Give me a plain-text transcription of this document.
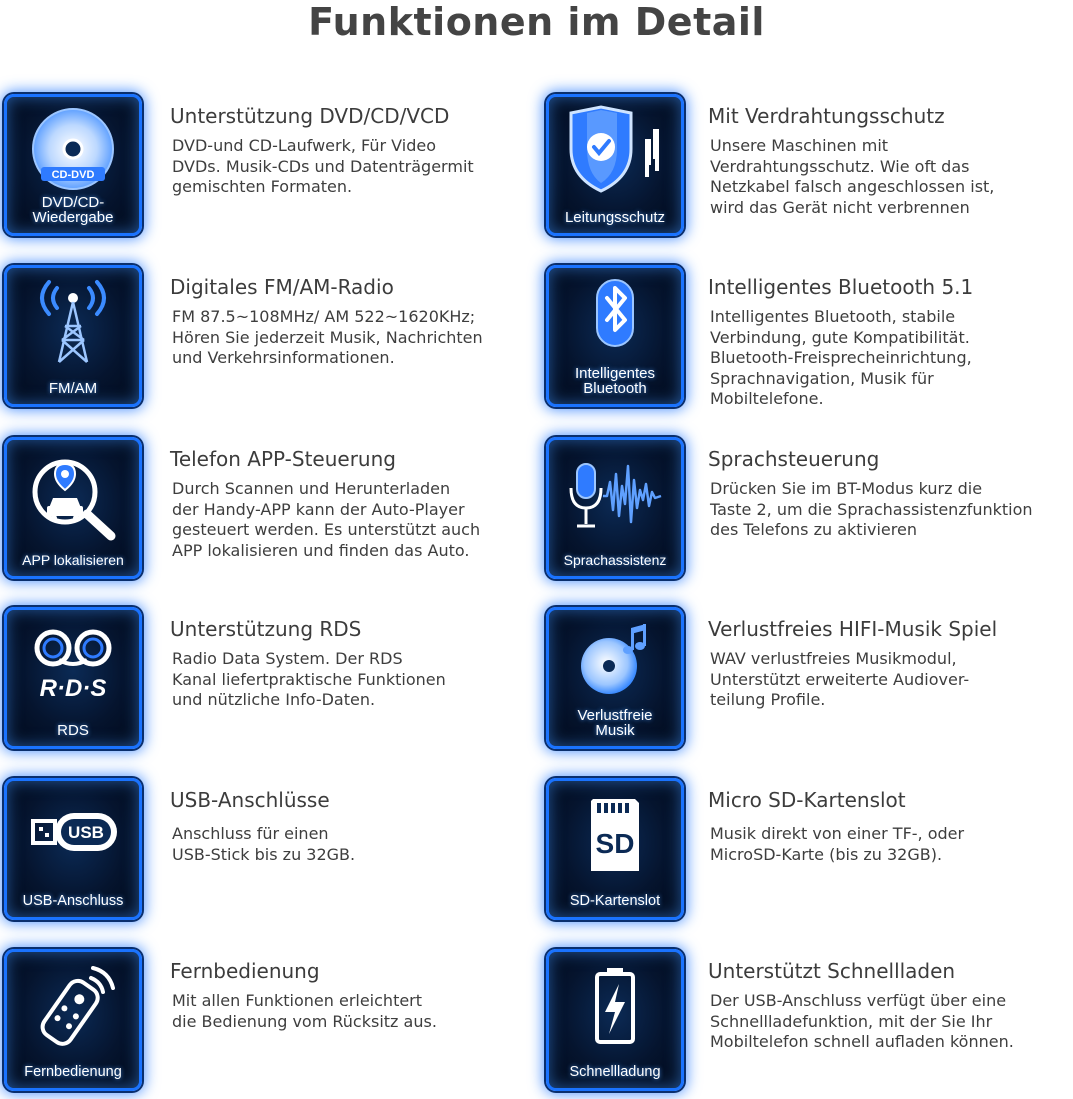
Funktionen im Detail
CD-DVD
DVD/CD-
Wiedergabe
Unterstützung DVD/CD/VCD

DVD-und CD-Laufwerk, Für Video
DVDs. Musik-CDs und Datenträgermit
gemischten Formaten.

Leitungsschutz
Mit Verdrahtungsschutz

Unsere Maschinen mit
Verdrahtungsschutz. Wie oft das
Netzkabel falsch angeschlossen ist,
wird das Gerät nicht verbrennen

FM/AM
Digitales FM/AM-Radio

FM 87.5~108MHz/ AM 522~1620KHz;
Hören Sie jederzeit Musik, Nachrichten
und Verkehrsinformationen.

Intelligentes
Bluetooth
Intelligentes Bluetooth 5.1

Intelligentes Bluetooth, stabile
Verbindung, gute Kompatibilität.
Bluetooth-Freisprecheinrichtung,
Sprachnavigation, Musik für
Mobiltelefone.

APP lokalisieren
Telefon APP-Steuerung

Durch Scannen und Herunterladen
der Handy-APP kann der Auto-Player
gesteuert werden. Es unterstützt auch
APP lokalisieren und finden das Auto.

Sprachassistenz
Sprachsteuerung

Drücken Sie im BT-Modus kurz die
Taste 2, um die Sprachassistenzfunktion
des Telefons zu aktivieren

R·D·S
RDS
Unterstützung RDS

Radio Data System. Der RDS
Kanal liefertpraktische Funktionen
und nützliche Info-Daten.

Verlustfreie
Musik
Verlustfreies HIFI-Musik Spiel

WAV verlustfreies Musikmodul,
Unterstützt erweiterte Audiover-
teilung Profile.

USB
USB-Anschluss
USB-Anschlüsse

Anschluss für einen
USB-Stick bis zu 32GB.	SD
SD-Kartenslot
Micro SD-Kartenslot

Musik direkt von einer TF-, oder
MicroSD-Karte (bis zu 32GB).

Fernbedienung
Fernbedienung

Mit allen Funktionen erleichtert
die Bedienung vom Rücksitz aus.

Schnellladung
Unterstützt Schnellladen

Der USB-Anschluss verfügt über eine
Schnellladefunktion, mit der Sie Ihr
Mobiltelefon schnell aufladen können.
